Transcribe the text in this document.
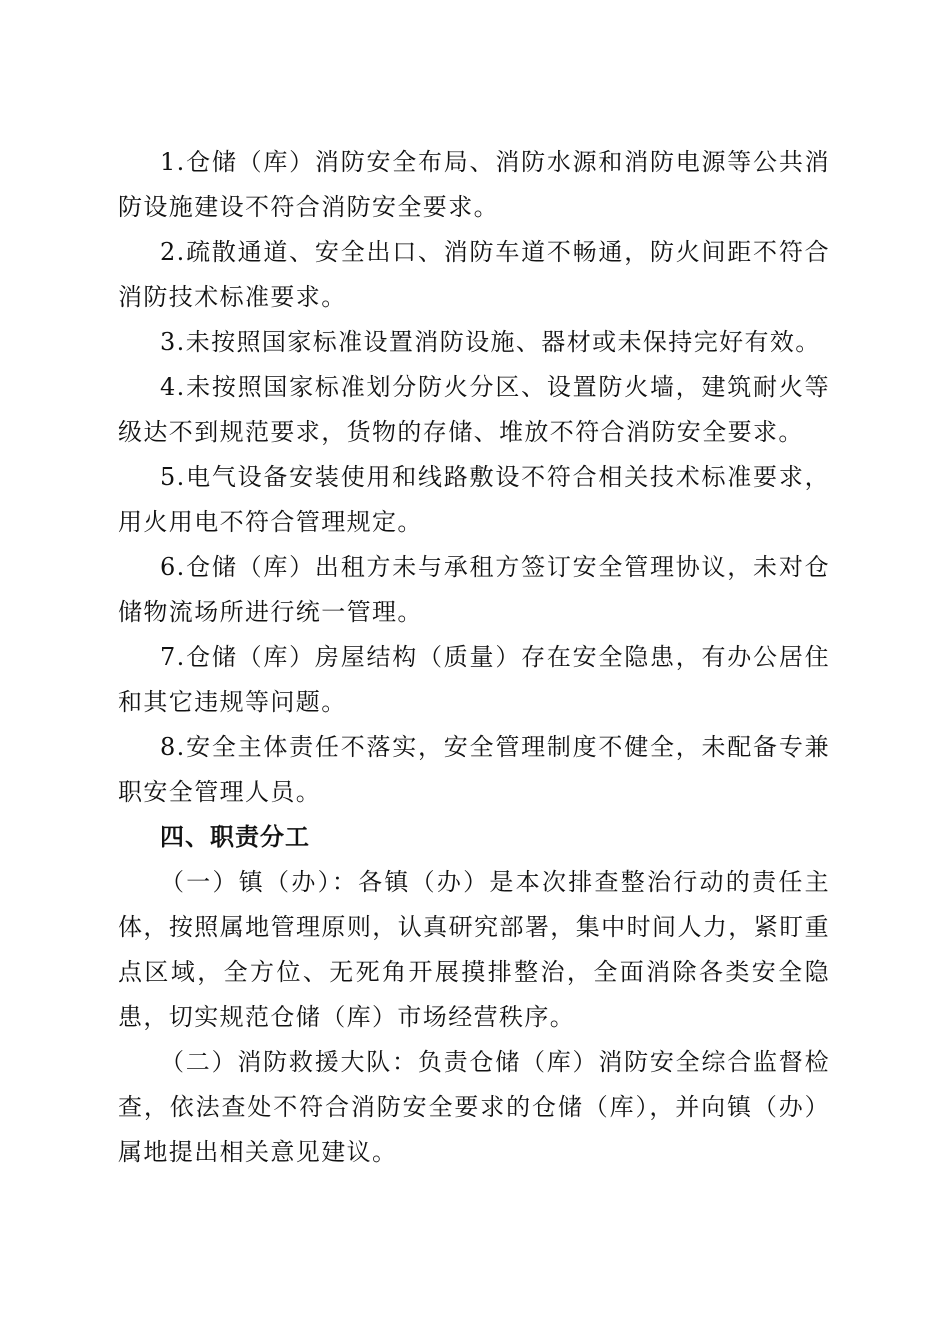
1.仓储（库）消防安全布局、消防水源和消防电源等公共消防设施建设不符合消防安全要求。

2.疏散通道、安全出口、消防车道不畅通，防火间距不符合消防技术标准要求。

3.未按照国家标准设置消防设施、器材或未保持完好有效。

4.未按照国家标准划分防火分区、设置防火墙，建筑耐火等级达不到规范要求，货物的存储、堆放不符合消防安全要求。

5.电气设备安装使用和线路敷设不符合相关技术标准要求，用火用电不符合管理规定。

6.仓储（库）出租方未与承租方签订安全管理协议，未对仓储物流场所进行统一管理。

7.仓储（库）房屋结构（质量）存在安全隐患，有办公居住和其它违规等问题。

8.安全主体责任不落实，安全管理制度不健全，未配备专兼职安全管理人员。

四、职责分工

（一）镇（办）：各镇（办）是本次排查整治行动的责任主体，按照属地管理原则，认真研究部署，集中时间人力，紧盯重点区域，全方位、无死角开展摸排整治，全面消除各类安全隐患，切实规范仓储（库）市场经营秩序。

（二）消防救援大队：负责仓储（库）消防安全综合监督检查，依法查处不符合消防安全要求的仓储（库），并向镇（办）属地提出相关意见建议。
